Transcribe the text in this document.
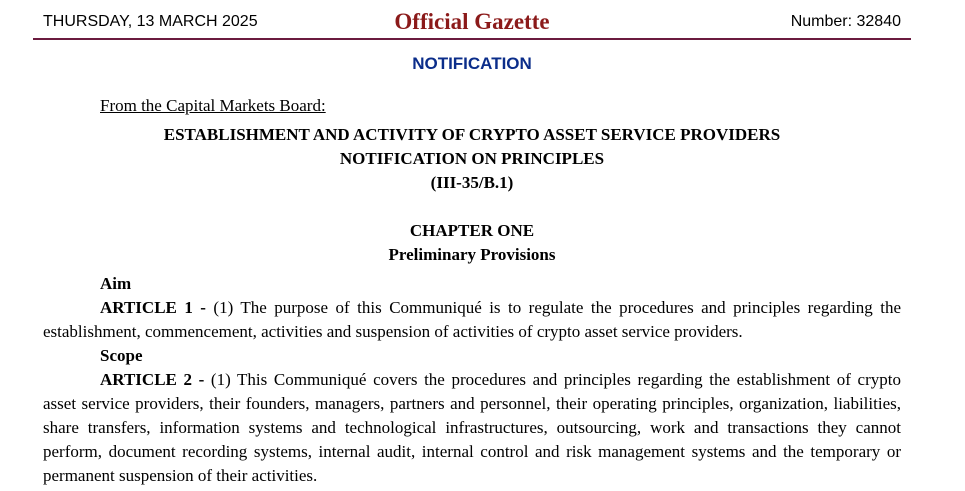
THURSDAY, 13 MARCH 2025	Official Gazette	Number: 32840
NOTIFICATION
From the Capital Markets Board:
ESTABLISHMENT AND ACTIVITY OF CRYPTO ASSET SERVICE PROVIDERS
NOTIFICATION ON PRINCIPLES
(III-35/B.1)
CHAPTER ONE
Preliminary Provisions
Aim
ARTICLE 1 - (1) The purpose of this Communiqué is to regulate the procedures and principles regarding the establishment, commencement, activities and suspension of activities of crypto asset service providers.
Scope
ARTICLE 2 - (1) This Communiqué covers the procedures and principles regarding the establishment of crypto asset service providers, their founders, managers, partners and personnel, their operating principles, organization, liabilities, share transfers, information systems and technological infrastructures, outsourcing, work and transactions they cannot perform, document recording systems, internal audit, internal control and risk management systems and the temporary or permanent suspension of their activities.
